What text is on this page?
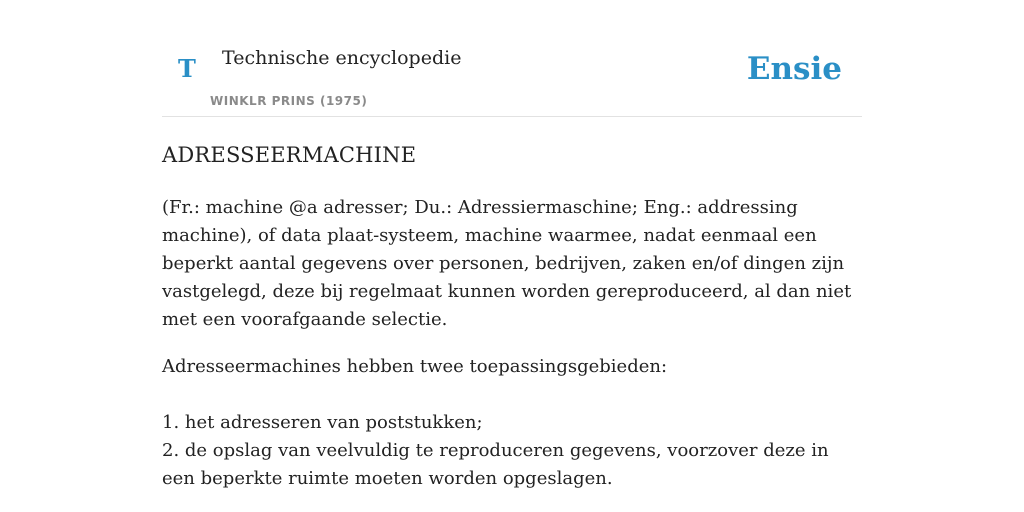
T Technische encyclopedie
WINKLR PRINS (1975)
Ensie
ADRESSEERMACHINE

(Fr.: machine @a adresser; Du.: Adressiermaschine; Eng.: addressing machine), of data plaat-systeem, machine waarmee, nadat eenmaal een beperkt aantal gegevens over personen, bedrijven, zaken en/of dingen zijn vastgelegd, deze bij regelmaat kunnen worden gereproduceerd, al dan niet met een voorafgaande selectie.

Adresseermachines hebben twee toepassingsgebieden:

1. het adresseren van poststukken;
2. de opslag van veelvuldig te reproduceren gegevens, voorzover deze in een beperkte ruimte moeten worden opgeslagen.
